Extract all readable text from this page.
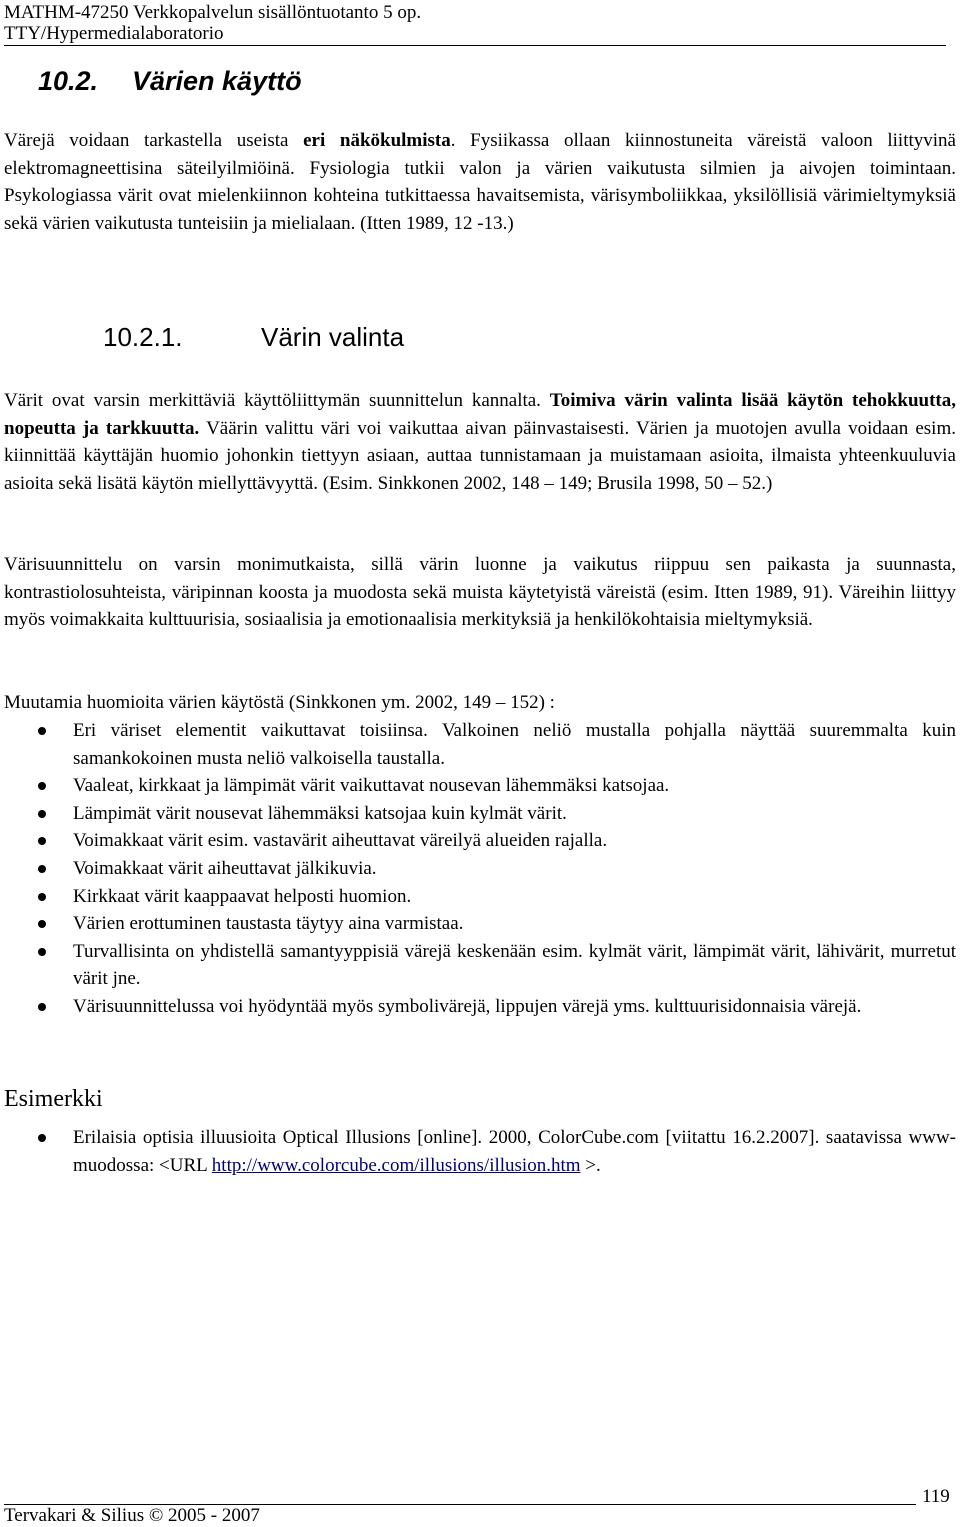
MATHM-47250 Verkkopalvelun sisällöntuotanto 5 op.
TTY/Hypermedialaboratorio
10.2. Värien käyttö

Värejä voidaan tarkastella useista eri näkökulmista. Fysiikassa ollaan kiinnostuneita väreistä valoon liittyvinä elektromagneettisina säteilyilmiöinä. Fysiologia tutkii valon ja värien vaikutusta silmien ja aivojen toimintaan. Psykologiassa värit ovat mielenkiinnon kohteina tutkittaessa havaitsemista, värisymboliikkaa, yksilöllisiä värimieltymyksiä sekä värien vaikutusta tunteisiin ja mielialaan. (Itten 1989, 12 -13.)

10.2.1.	Värin valinta

Värit ovat varsin merkittäviä käyttöliittymän suunnittelun kannalta. Toimiva värin valinta lisää käytön tehokkuutta, nopeutta ja tarkkuutta. Väärin valittu väri voi vaikuttaa aivan päinvastaisesti. Värien ja muotojen avulla voidaan esim. kiinnittää käyttäjän huomio johonkin tiettyyn asiaan, auttaa tunnistamaan ja muistamaan asioita, ilmaista yhteenkuuluvia asioita sekä lisätä käytön miellyttävyyttä. (Esim. Sinkkonen 2002, 148 – 149; Brusila 1998, 50 – 52.)

Värisuunnittelu on varsin monimutkaista, sillä värin luonne ja vaikutus riippuu sen paikasta ja suunnasta, kontrastiolosuhteista, väripinnan koosta ja muodosta sekä muista käytetyistä väreistä (esim. Itten 1989, 91). Väreihin liittyy myös voimakkaita kulttuurisia, sosiaalisia ja emotionaalisia merkityksiä ja henkilökohtaisia mieltymyksiä.

Muutamia huomioita värien käytöstä (Sinkkonen ym. 2002, 149 – 152) :

Eri väriset elementit vaikuttavat toisiinsa. Valkoinen neliö mustalla pohjalla näyttää suuremmalta kuin samankokoinen musta neliö valkoisella taustalla.
Vaaleat, kirkkaat ja lämpimät värit vaikuttavat nousevan lähemmäksi katsojaa.
Lämpimät värit nousevat lähemmäksi katsojaa kuin kylmät värit.
Voimakkaat värit esim. vastavärit aiheuttavat väreilyä alueiden rajalla.
Voimakkaat värit aiheuttavat jälkikuvia.
Kirkkaat värit kaappaavat helposti huomion.
Värien erottuminen taustasta täytyy aina varmistaa.
Turvallisinta on yhdistellä samantyyppisiä värejä keskenään esim. kylmät värit, lämpimät värit, lähivärit, murretut värit jne.
Värisuunnittelussa voi hyödyntää myös symbolivärejä, lippujen värejä yms. kulttuurisidonnaisia värejä.
Esimerkki
Erilaisia optisia illuusioita Optical Illusions [online]. 2000, ColorCube.com [viitattu 16.2.2007]. saatavissa www-muodossa: <URL http://www.colorcube.com/illusions/illusion.htm >.
119
Tervakari & Silius © 2005 - 2007
